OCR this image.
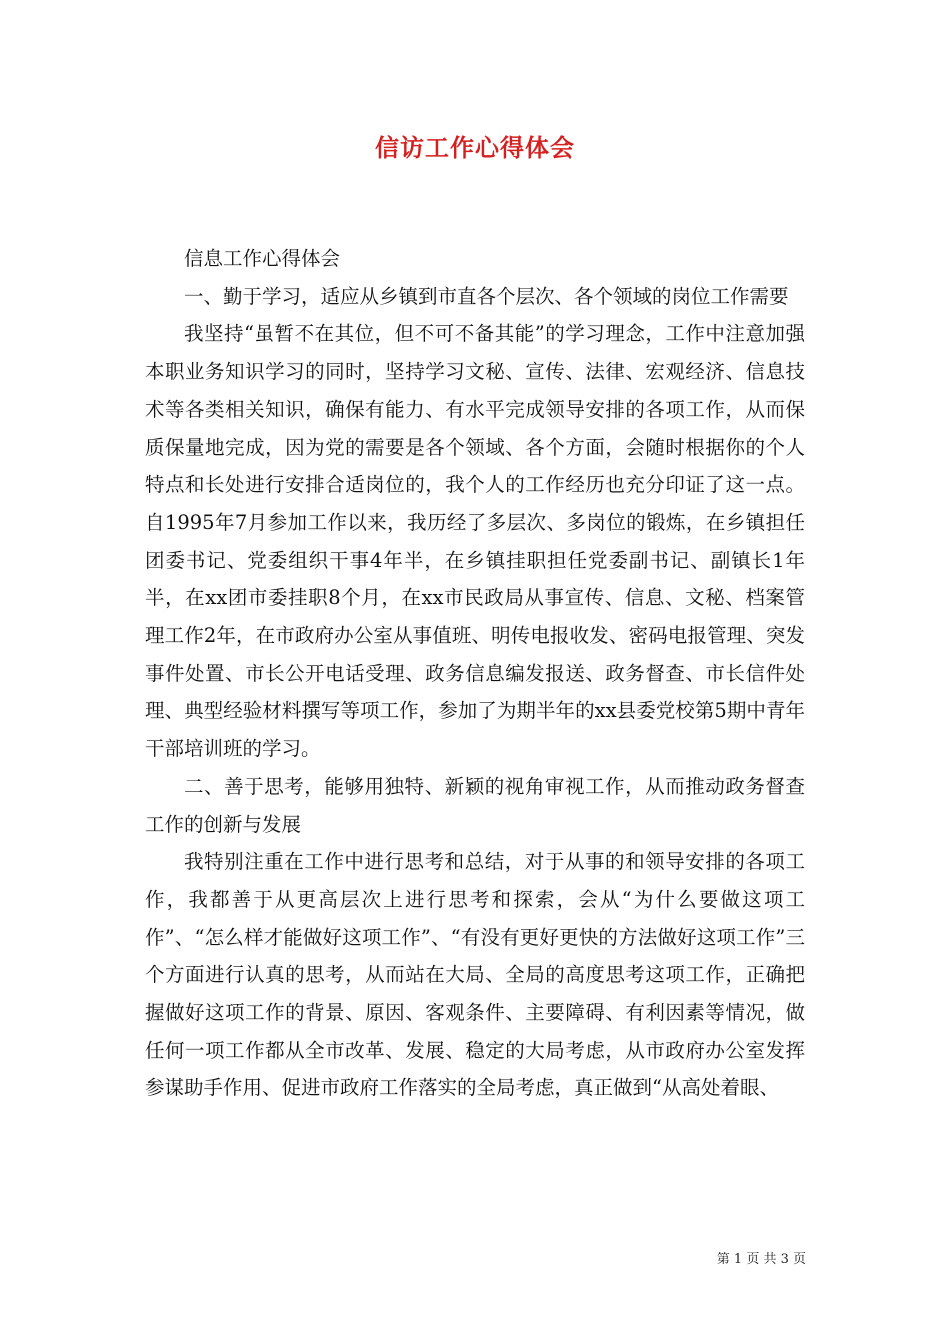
信访工作心得体会

信息工作心得体会

一、勤于学习，适应从乡镇到市直各个层次、各个领域的岗位工作需要

我坚持“虽暂不在其位，但不可不备其能”的学习理念，工作中注意加强本职业务知识学习的同时，坚持学习文秘、宣传、法律、宏观经济、信息技术等各类相关知识，确保有能力、有水平完成领导安排的各项工作，从而保质保量地完成，因为党的需要是各个领域、各个方面，会随时根据你的个人特点和长处进行安排合适岗位的，我个人的工作经历也充分印证了这一点。自1995年7月参加工作以来，我历经了多层次、多岗位的锻炼，在乡镇担任团委书记、党委组织干事4年半，在乡镇挂职担任党委副书记、副镇长1年半，在xx团市委挂职8个月，在xx市民政局从事宣传、信息、文秘、档案管理工作2年，在市政府办公室从事值班、明传电报收发、密码电报管理、突发事件处置、市长公开电话受理、政务信息编发报送、政务督查、市长信件处理、典型经验材料撰写等项工作，参加了为期半年的xx县委党校第5期中青年干部培训班的学习。

二、善于思考，能够用独特、新颖的视角审视工作，从而推动政务督查工作的创新与发展

我特别注重在工作中进行思考和总结，对于从事的和领导安排的各项工作，我都善于从更高层次上进行思考和探索，会从“为什么要做这项工作”、“怎么样才能做好这项工作”、“有没有更好更快的方法做好这项工作”三个方面进行认真的思考，从而站在大局、全局的高度思考这项工作，正确把握做好这项工作的背景、原因、客观条件、主要障碍、有利因素等情况，做任何一项工作都从全市改革、发展、稳定的大局考虑，从市政府办公室发挥参谋助手作用、促进市政府工作落实的全局考虑，真正做到“从高处着眼、

第 1 页 共 3 页
